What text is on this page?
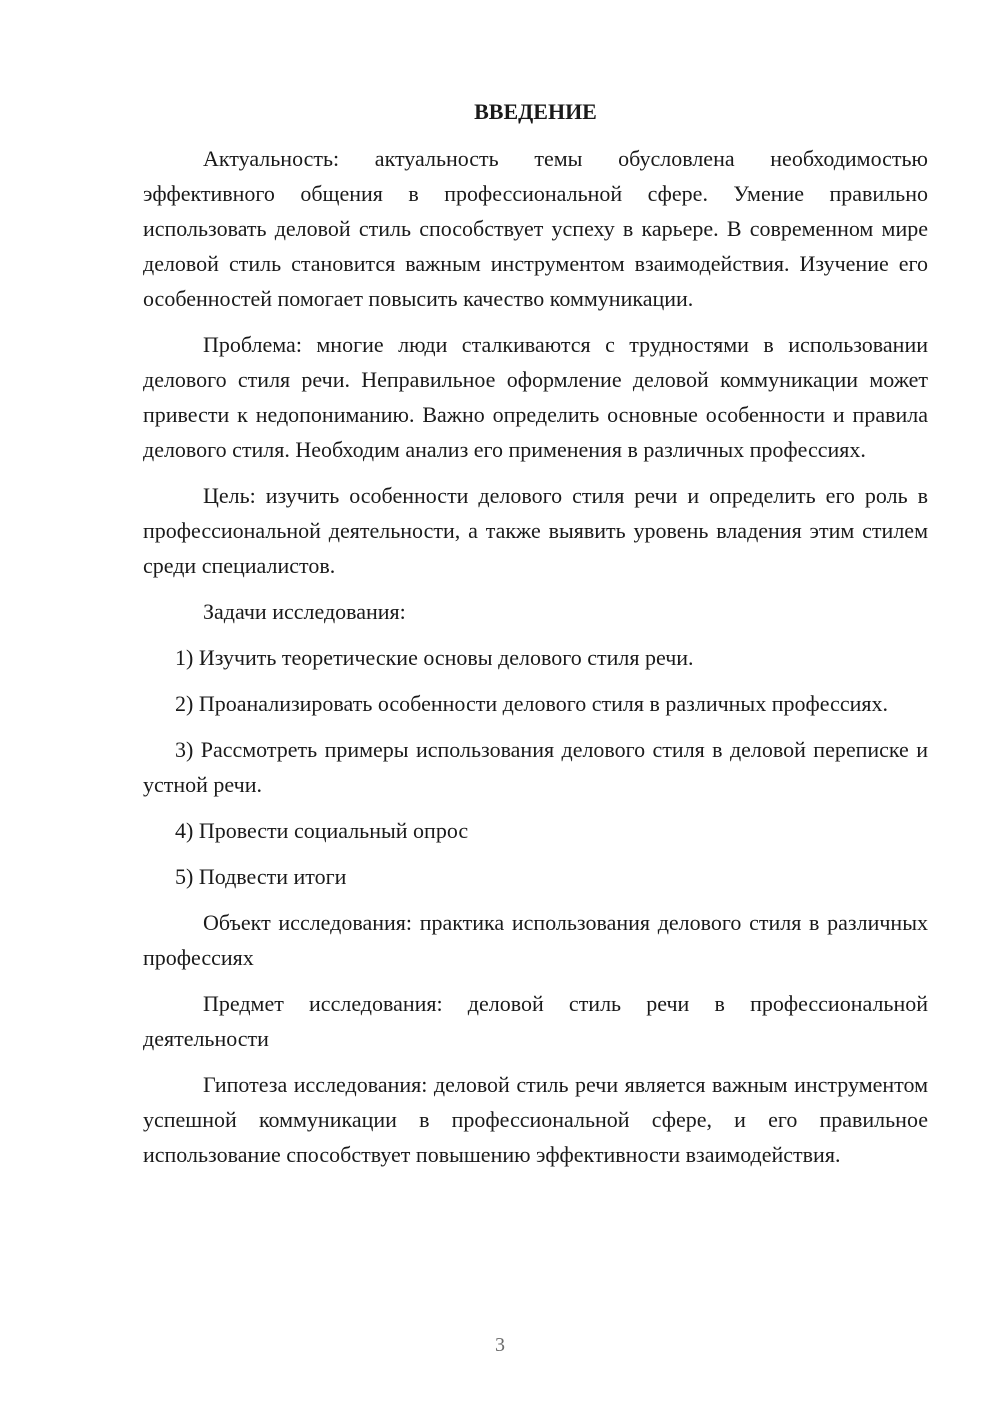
ВВЕДЕНИЕ

Актуальность: актуальность темы обусловлена необходимостью эффективного общения в профессиональной сфере. Умение правильно использовать деловой стиль способствует успеху в карьере. В современном мире деловой стиль становится важным инструментом взаимодействия. Изучение его особенностей помогает повысить качество коммуникации.

Проблема: многие люди сталкиваются с трудностями в использовании делового стиля речи. Неправильное оформление деловой коммуникации может привести к недопониманию. Важно определить основные особенности и правила делового стиля. Необходим анализ его применения в различных профессиях.

Цель: изучить особенности делового стиля речи и определить его роль в профессиональной деятельности, а также выявить уровень владения этим стилем среди специалистов.

Задачи исследования:

1) Изучить теоретические основы делового стиля речи.

2) Проанализировать особенности делового стиля в различных профессиях.

3) Рассмотреть примеры использования делового стиля в деловой переписке и устной речи.

4) Провести социальный опрос

5) Подвести итоги

Объект исследования: практика использования делового стиля в различных профессиях

Предмет исследования: деловой стиль речи в профессиональной деятельности

Гипотеза исследования: деловой стиль речи является важным инструментом успешной коммуникации в профессиональной сфере, и его правильное использование способствует повышению эффективности взаимодействия.

3
